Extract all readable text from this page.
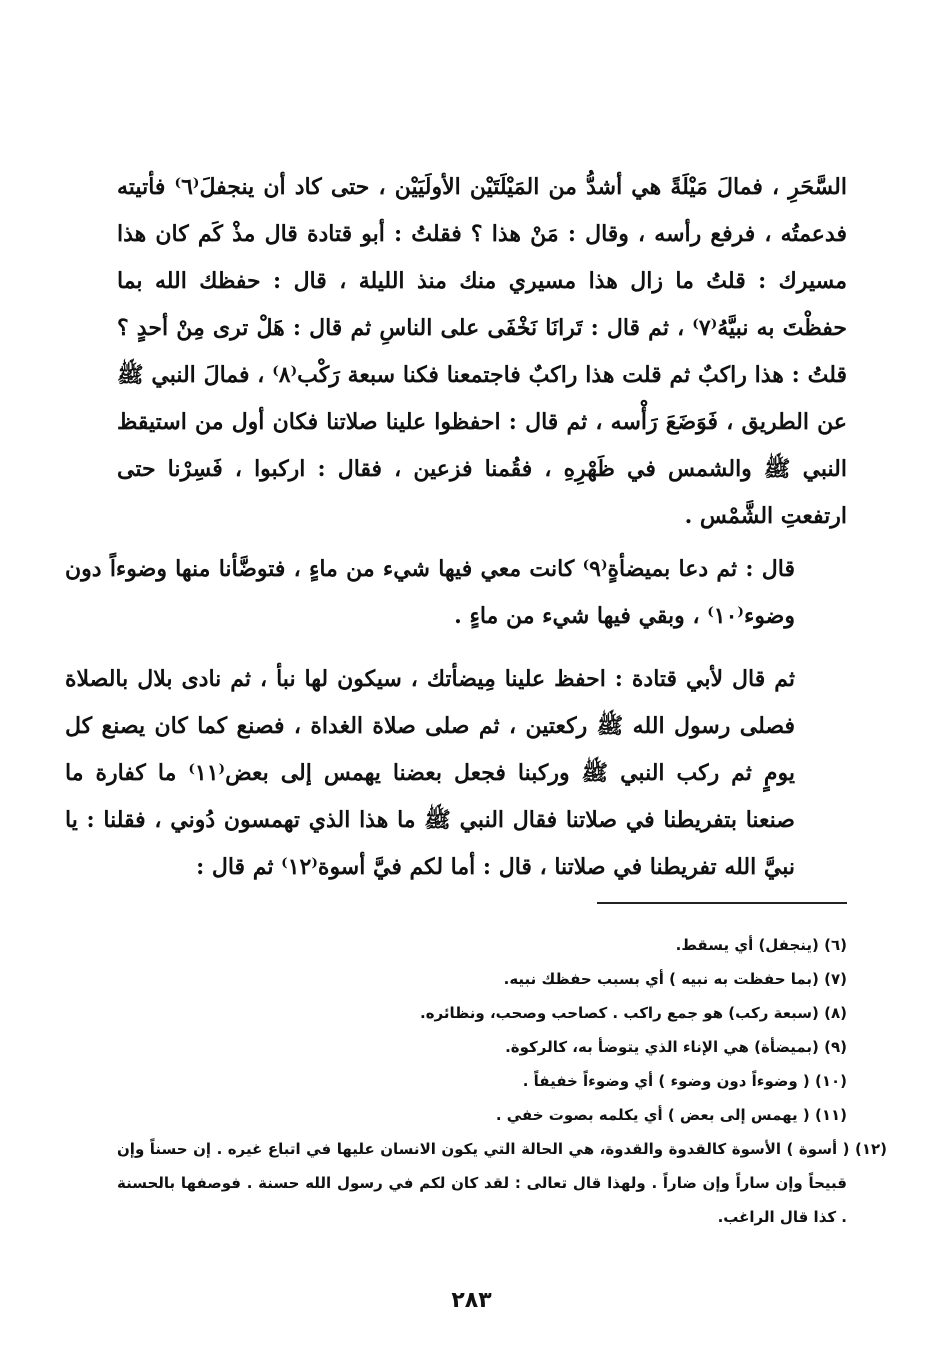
السَّحَرِ ، فمالَ مَيْلَةً هي أشدُّ من المَيْلَتَيْن الأولَيَيْن ، حتى كاد أن ينجفلَ⁽٦⁾ فأتيته فدعمتُه ، فرفع رأسه ، وقال : مَنْ هذا ؟ فقلتُ : أبو قتادة قال مذْ كَم كان هذا مسيرك : قلتُ ما زال هذا مسيري منك منذ الليلة ، قال : حفظك الله بما حفظْتَ به نبيَّهُ⁽٧⁾ ، ثم قال : تَرانَا نَخْفَى على الناسِ ثم قال : هَلْ ترى مِنْ أحدٍ ؟ قلتُ : هذا راكبٌ ثم قلت هذا راكبٌ فاجتمعنا فكنا سبعة رَكْب⁽٨⁾ ، فمالَ النبي ﷺ عن الطريق ، فَوَضَعَ رَأْسه ، ثم قال : احفظوا علينا صلاتنا فكان أول من استيقظ النبي ﷺ والشمس في ظَهْرِهِ ، فقُمنا فزعين ، فقال : اركبوا ، فَسِرْنا حتى ارتفعتِ الشَّمْس .

قال : ثم دعا بميضأةٍ⁽٩⁾ كانت معي فيها شيء من ماءٍ ، فتوضَّأنا منها وضوءاً دون وضوء⁽١٠⁾ ، وبقي فيها شيء من ماءٍ .

ثم قال لأبي قتادة : احفظ علينا مِيضأتك ، سيكون لها نبأ ، ثم نادى بلال بالصلاة فصلى رسول الله ﷺ ركعتين ، ثم صلى صلاة الغداة ، فصنع كما كان يصنع كل يومٍ ثم ركب النبي ﷺ وركبنا فجعل بعضنا يهمس إلى بعض⁽١١⁾ ما كفارة ما صنعنا بتفريطنا في صلاتنا فقال النبي ﷺ ما هذا الذي تهمسون دُوني ، فقلنا : يا نبيَّ الله تفريطنا في صلاتنا ، قال : أما لكم فيَّ أسوة⁽١٢⁾ ثم قال :

(٦) (ينجفل) أي يسقط.
(٧) (بما حفظت به نبيه ) أي بسبب حفظك نبيه.
(٨) (سبعة ركب) هو جمع راكب . كصاحب وصحب، ونظائره.
(٩) (بميضأة) هي الإناء الذي يتوضأ به، كالركوة.
(١٠) ( وضوءاً دون وضوء ) أي وضوءاً خفيفاً .
(١١) ( يهمس إلى بعض ) أي يكلمه بصوت خفي .
(١٢) ( أسوة ) الأسوة كالقدوة والقدوة، هي الحالة التي يكون الانسان عليها في اتباع غيره . إن حسناً وإن قبيحاً وإن ساراً وإن ضاراً . ولهذا قال تعالى : لقد كان لكم في رسول الله حسنة . فوصفها بالحسنة . كذا قال الراغب.
٢٨٣
